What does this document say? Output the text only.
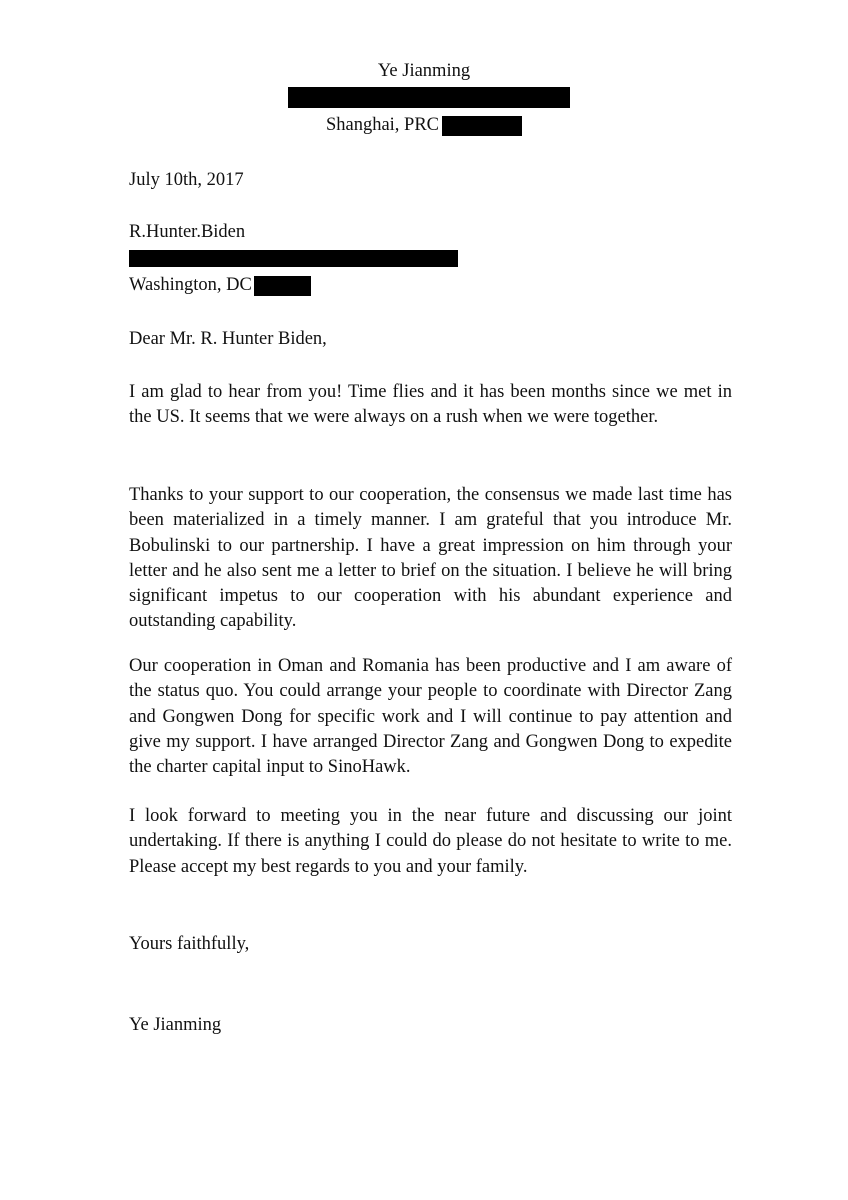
Ye Jianming
Shanghai, PRC
July 10th, 2017
R.Hunter.Biden
Washington, DC
Dear Mr. R. Hunter Biden,
I am glad to hear from you! Time flies and it has been months since we met in the US. It seems that we were always on a rush when we were together.
Thanks to your support to our cooperation, the consensus we made last time has been materialized in a timely manner. I am grateful that you introduce Mr. Bobulinski to our partnership. I have a great impression on him through your letter and he also sent me a letter to brief on the situation. I believe he will bring significant impetus to our cooperation with his abundant experience and outstanding capability.
Our cooperation in Oman and Romania has been productive and I am aware of the status quo. You could arrange your people to coordinate with Director Zang and Gongwen Dong for specific work and I will continue to pay attention and give my support. I have arranged Director Zang and Gongwen Dong to expedite the charter capital input to SinoHawk.
I look forward to meeting you in the near future and discussing our joint undertaking. If there is anything I could do please do not hesitate to write to me. Please accept my best regards to you and your family.
Yours faithfully,
Ye Jianming
